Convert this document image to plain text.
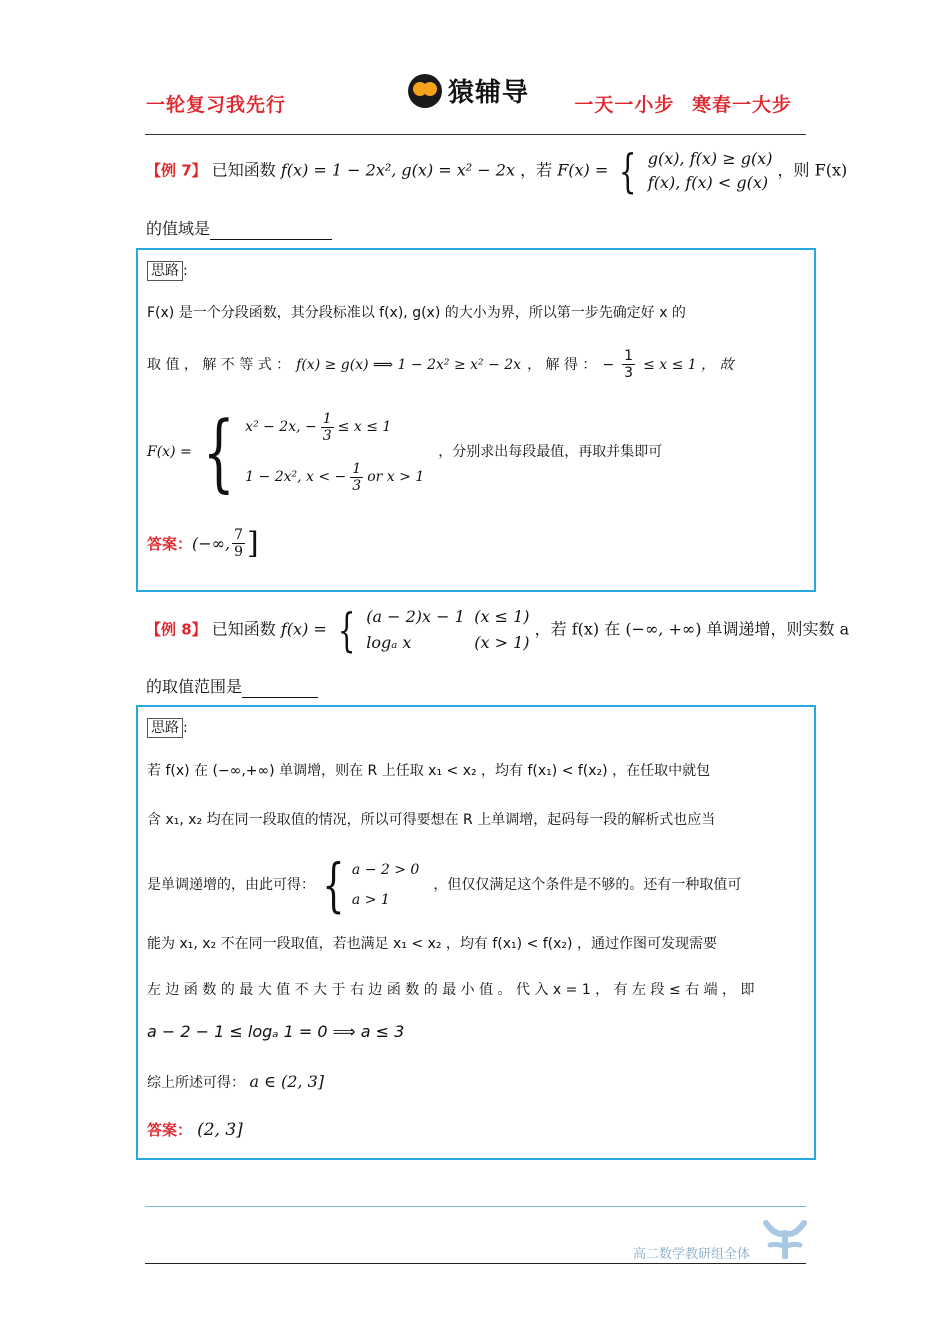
一轮复习我先行	猿辅导 一天一小步 寒春一大步
【例 7】 已知函数 f(x) = 1 − 2x², g(x) = x² − 2x ，若 F(x) = { g(x), f(x) ≥ g(x)
f(x), f(x) < g(x)
，则 F(x)
的值域是
思路 :
F(x) 是一个分段函数，其分段标准以 f(x), g(x) 的大小为界，所以第一步先确定好 x 的
取 值 ， 解 不 等 式 ： f(x) ≥ g(x) ⟹ 1 − 2x² ≥ x² − 2x ， 解 得 ： − $\frac{1}{3} \le x \le 1$ ， 故
F(x) = { x² − 2x, − $\frac{1}{3} \le x \le 1$
1 − 2x², x < − $\frac{1}{3}$ or x > 1
，分别求出每段最值，再取并集即可
答案： (−∞, $\frac{7}{9}$ ]
【例 8】 已知函数 f(x) = { (a − 2)x − 1 (x ≤ 1)
logₐ x	(x > 1)
，若 f(x) 在 (−∞, +∞) 单调递增，则实数 a
的取值范围是
思路 :
若 f(x) 在 (−∞,+∞) 单调增，则在 R 上任取 x₁ < x₂ ，均有 f(x₁) < f(x₂) ，在任取中就包
含 x₁, x₂ 均在同一段取值的情况，所以可得要想在 R 上单调增，起码每一段的解析式也应当
是单调递增的，由此可得： { a − 2 > 0
a > 1
，但仅仅满足这个条件是不够的。还有一种取值可
能为 x₁, x₂ 不在同一段取值，若也满足 x₁ < x₂ ，均有 f(x₁) < f(x₂) ，通过作图可发现需要
左 边 函 数 的 最 大 值 不 大 于 右 边 函 数 的 最 小 值 。 代 入 x = 1 ， 有 左 段 ≤ 右 端 ， 即
a − 2 − 1 ≤ logₐ 1 = 0 ⟹ a ≤ 3
综上所述可得： a ∈ (2, 3]
答案： (2, 3]
高二数学教研组全体
